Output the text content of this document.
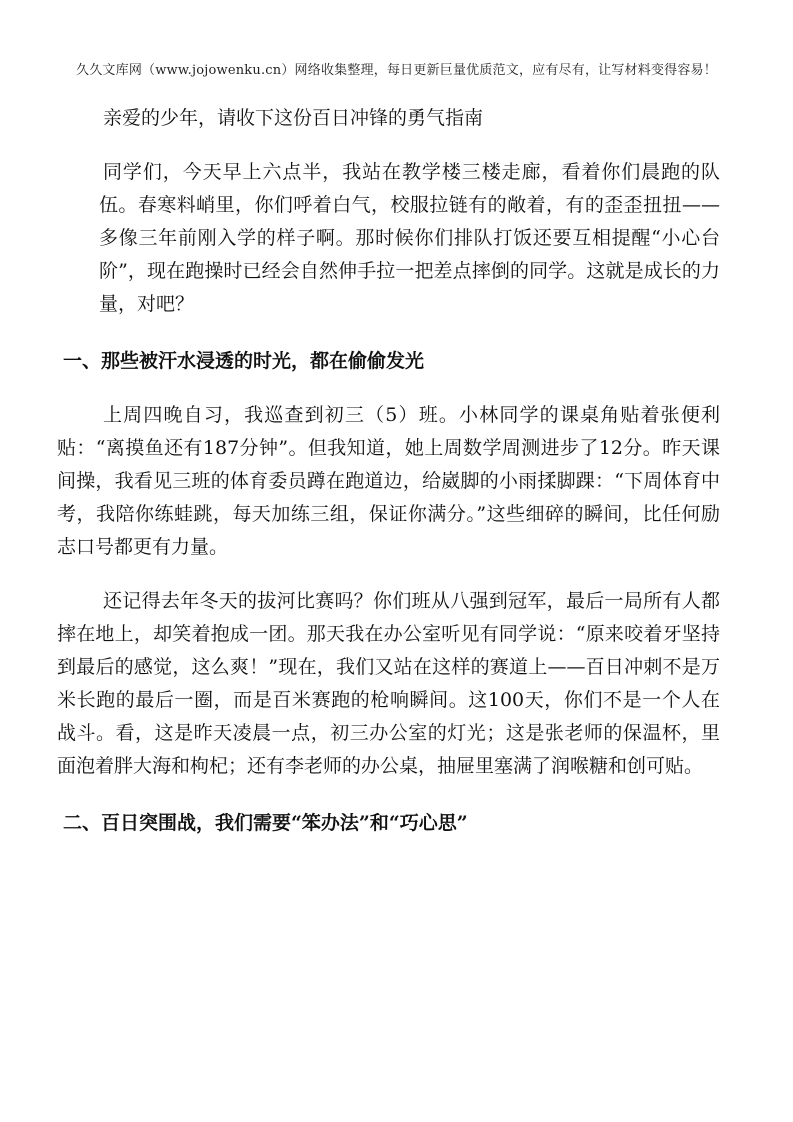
久久文库网（www.jojowenku.cn）网络收集整理，每日更新巨量优质范文，应有尽有，让写材料变得容易！
亲爱的少年，请收下这份百日冲锋的勇气指南

同学们，今天早上六点半，我站在教学楼三楼走廊，看着你们晨跑的队伍。春寒料峭里，你们呼着白气，校服拉链有的敞着，有的歪歪扭扭——多像三年前刚入学的样子啊。那时候你们排队打饭还要互相提醒“小心台阶”，现在跑操时已经会自然伸手拉一把差点摔倒的同学。这就是成长的力量，对吧？

一、那些被汗水浸透的时光，都在偷偷发光

上周四晚自习，我巡查到初三（5）班。小林同学的课桌角贴着张便利贴：“离摸鱼还有187分钟”。但我知道，她上周数学周测进步了12分。昨天课间操，我看见三班的体育委员蹲在跑道边，给崴脚的小雨揉脚踝：“下周体育中考，我陪你练蛙跳，每天加练三组，保证你满分。”这些细碎的瞬间，比任何励志口号都更有力量。

还记得去年冬天的拔河比赛吗？你们班从八强到冠军，最后一局所有人都摔在地上，却笑着抱成一团。那天我在办公室听见有同学说：“原来咬着牙坚持到最后的感觉，这么爽！”现在，我们又站在这样的赛道上——百日冲刺不是万米长跑的最后一圈，而是百米赛跑的枪响瞬间。这100天，你们不是一个人在战斗。看，这是昨天凌晨一点，初三办公室的灯光；这是张老师的保温杯，里面泡着胖大海和枸杞；还有李老师的办公桌，抽屉里塞满了润喉糖和创可贴。

二、百日突围战，我们需要“笨办法”和“巧心思”
